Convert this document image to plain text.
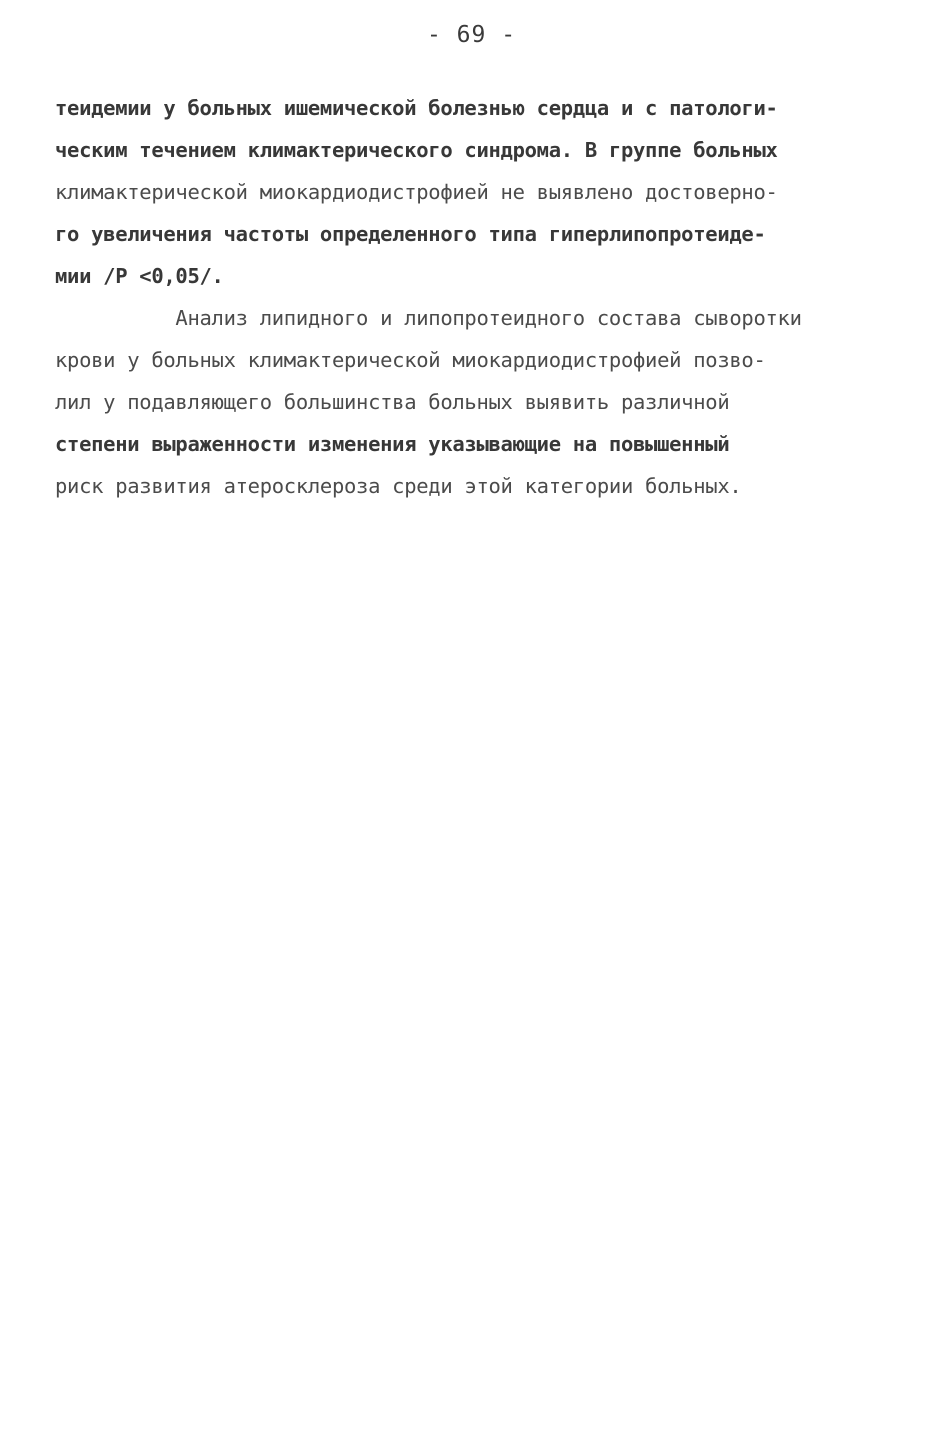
- 69 -
теидемии у больных ишемической болезнью сердца и с патологи-
ческим течением климактерического синдрома. В группе больных
климактерической миокардиодистрофией не выявлено достоверно-
го увеличения частоты определенного типа гиперлипопротеиде-
мии /Р <0,05/.
Анализ липидного и липопротеидного состава сыворотки
крови у больных климактерической миокардиодистрофией позво-
лил у подавляющего большинства больных выявить различной
степени выраженности изменения указывающие на повышенный
риск развития атеросклероза среди этой категории больных.
